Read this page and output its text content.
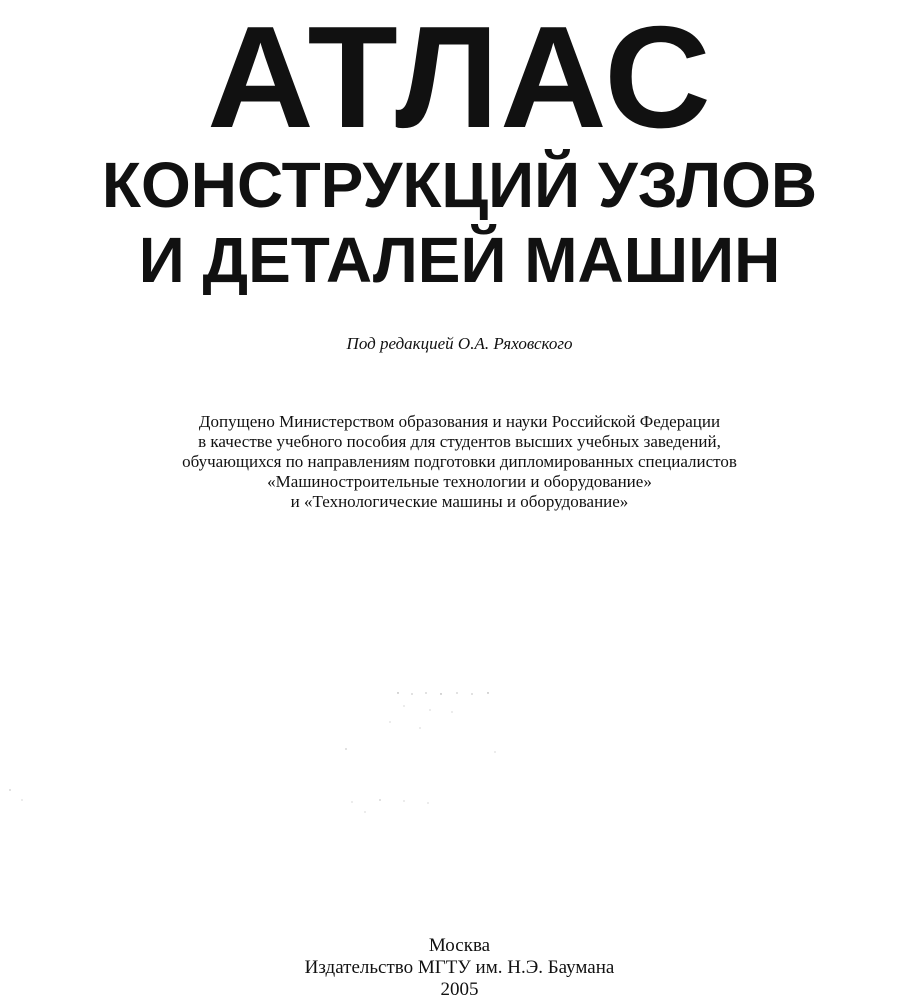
АТЛАС
КОНСТРУКЦИЙ УЗЛОВ
И ДЕТАЛЕЙ МАШИН
Под редакцией О.А. Ряховского
Допущено Министерством образования и науки Российской Федерации
в качестве учебного пособия для студентов высших учебных заведений,
обучающихся по направлениям подготовки дипломированных специалистов
«Машиностроительные технологии и оборудование»
и «Технологические машины и оборудование»
Москва
Издательство МГТУ им. Н.Э. Баумана
2005
